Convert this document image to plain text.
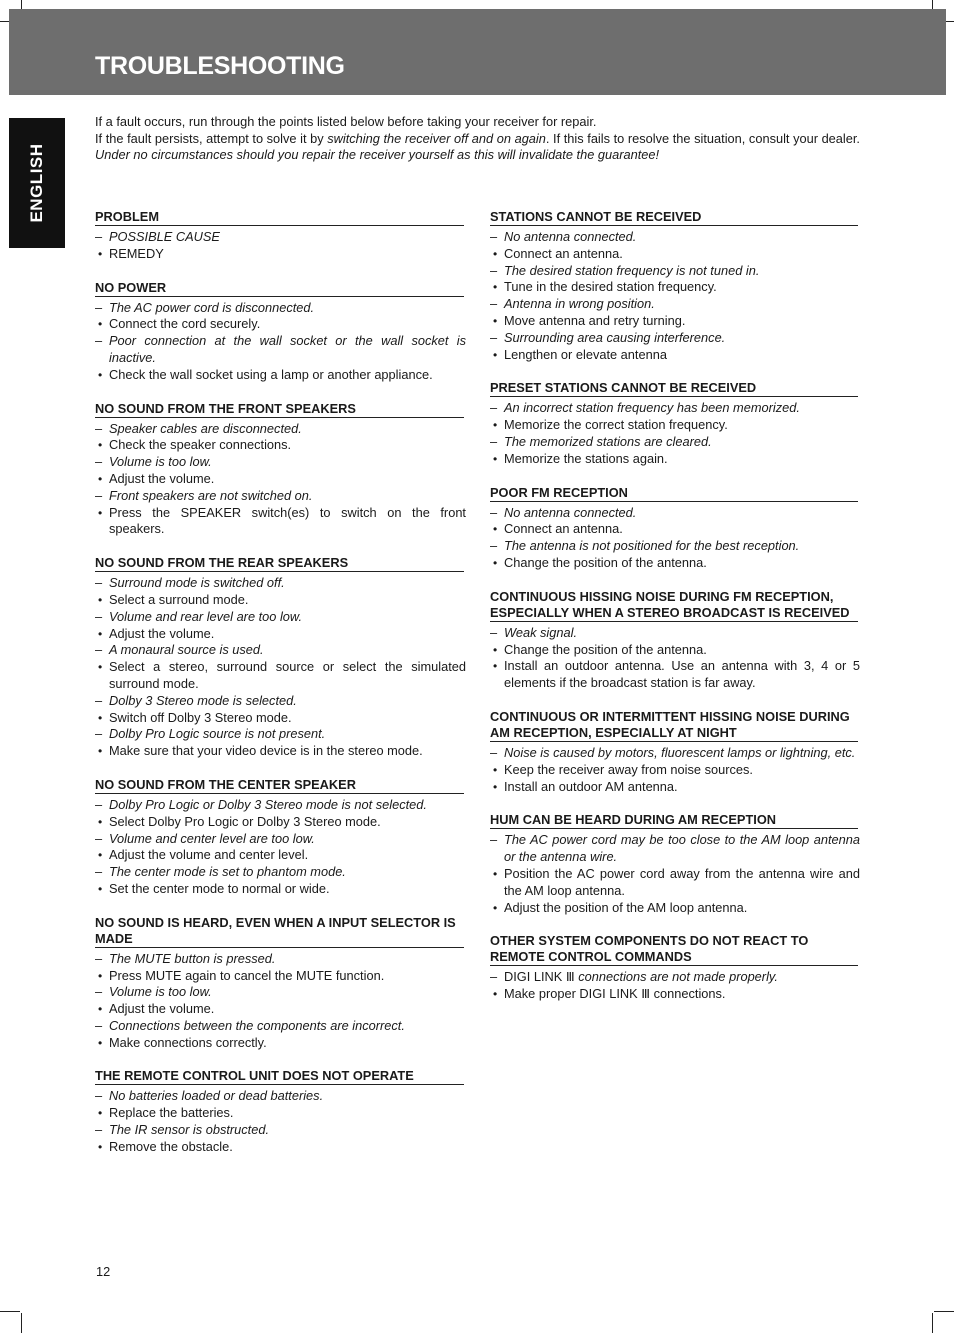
TROUBLESHOOTING
ENGLISH

If a fault occurs, run through the points listed below before taking your receiver for repair.

If the fault persists, attempt to solve it by switching the receiver off and on again. If this fails to resolve the situation, consult your dealer. Under no circumstances should you repair the receiver yourself as this will invalidate the guarantee!

PROBLEM
– POSSIBLE CAUSE
• REMEDY
NO POWER
– The AC power cord is disconnected.
• Connect the cord securely.
– Poor connection at the wall socket or the wall socket is inactive.
• Check the wall socket using a lamp or another appliance.
NO SOUND FROM THE FRONT SPEAKERS
– Speaker cables are disconnected.
• Check the speaker connections.
– Volume is too low.
• Adjust the volume.
– Front speakers are not switched on.
• Press the SPEAKER switch(es) to switch on the front speakers.
NO SOUND FROM THE REAR SPEAKERS
– Surround mode is switched off.
• Select a surround mode.
– Volume and rear level are too low.
• Adjust the volume.
– A monaural source is used.
• Select a stereo, surround source or select the simulated surround mode.
– Dolby 3 Stereo mode is selected.
• Switch off Dolby 3 Stereo mode.
– Dolby Pro Logic source is not present.
• Make sure that your video device is in the stereo mode.
NO SOUND FROM THE CENTER SPEAKER
– Dolby Pro Logic or Dolby 3 Stereo mode is not selected.
• Select Dolby Pro Logic or Dolby 3 Stereo mode.
– Volume and center level are too low.
• Adjust the volume and center level.
– The center mode is set to phantom mode.
• Set the center mode to normal or wide.
NO SOUND IS HEARD, EVEN WHEN A INPUT SELECTOR IS MADE
– The MUTE button is pressed.
• Press MUTE again to cancel the MUTE function.
– Volume is too low.
• Adjust the volume.
– Connections between the components are incorrect.
• Make connections correctly.
THE REMOTE CONTROL UNIT DOES NOT OPERATE
– No batteries loaded or dead batteries.
• Replace the batteries.
– The IR sensor is obstructed.
• Remove the obstacle.
STATIONS CANNOT BE RECEIVED
– No antenna connected.
• Connect an antenna.
– The desired station frequency is not tuned in.
• Tune in the desired station frequency.
– Antenna in wrong position.
• Move antenna and retry turning.
– Surrounding area causing interference.
• Lengthen or elevate antenna
PRESET STATIONS CANNOT BE RECEIVED
– An incorrect station frequency has been memorized.
• Memorize the correct station frequency.
– The memorized stations are cleared.
• Memorize the stations again.
POOR FM RECEPTION
– No antenna connected.
• Connect an antenna.
– The antenna is not positioned for the best reception.
• Change the position of the antenna.
CONTINUOUS HISSING NOISE DURING FM RECEPTION, ESPECIALLY WHEN A STEREO BROADCAST IS RECEIVED
– Weak signal.
• Change the position of the antenna.
• Install an outdoor antenna. Use an antenna with 3, 4 or 5 elements if the broadcast station is far away.
CONTINUOUS OR INTERMITTENT HISSING NOISE DURING AM RECEPTION, ESPECIALLY AT NIGHT
– Noise is caused by motors, fluorescent lamps or lightning, etc.
• Keep the receiver away from noise sources.
• Install an outdoor AM antenna.
HUM CAN BE HEARD DURING AM RECEPTION
– The AC power cord may be too close to the AM loop antenna or the antenna wire.
• Position the AC power cord away from the antenna wire and the AM loop antenna.
• Adjust the position of the AM loop antenna.
OTHER SYSTEM COMPONENTS DO NOT REACT TO REMOTE CONTROL COMMANDS
– DIGI LINK Ⅲ connections are not made properly.
• Make proper DIGI LINK Ⅲ connections.
12
